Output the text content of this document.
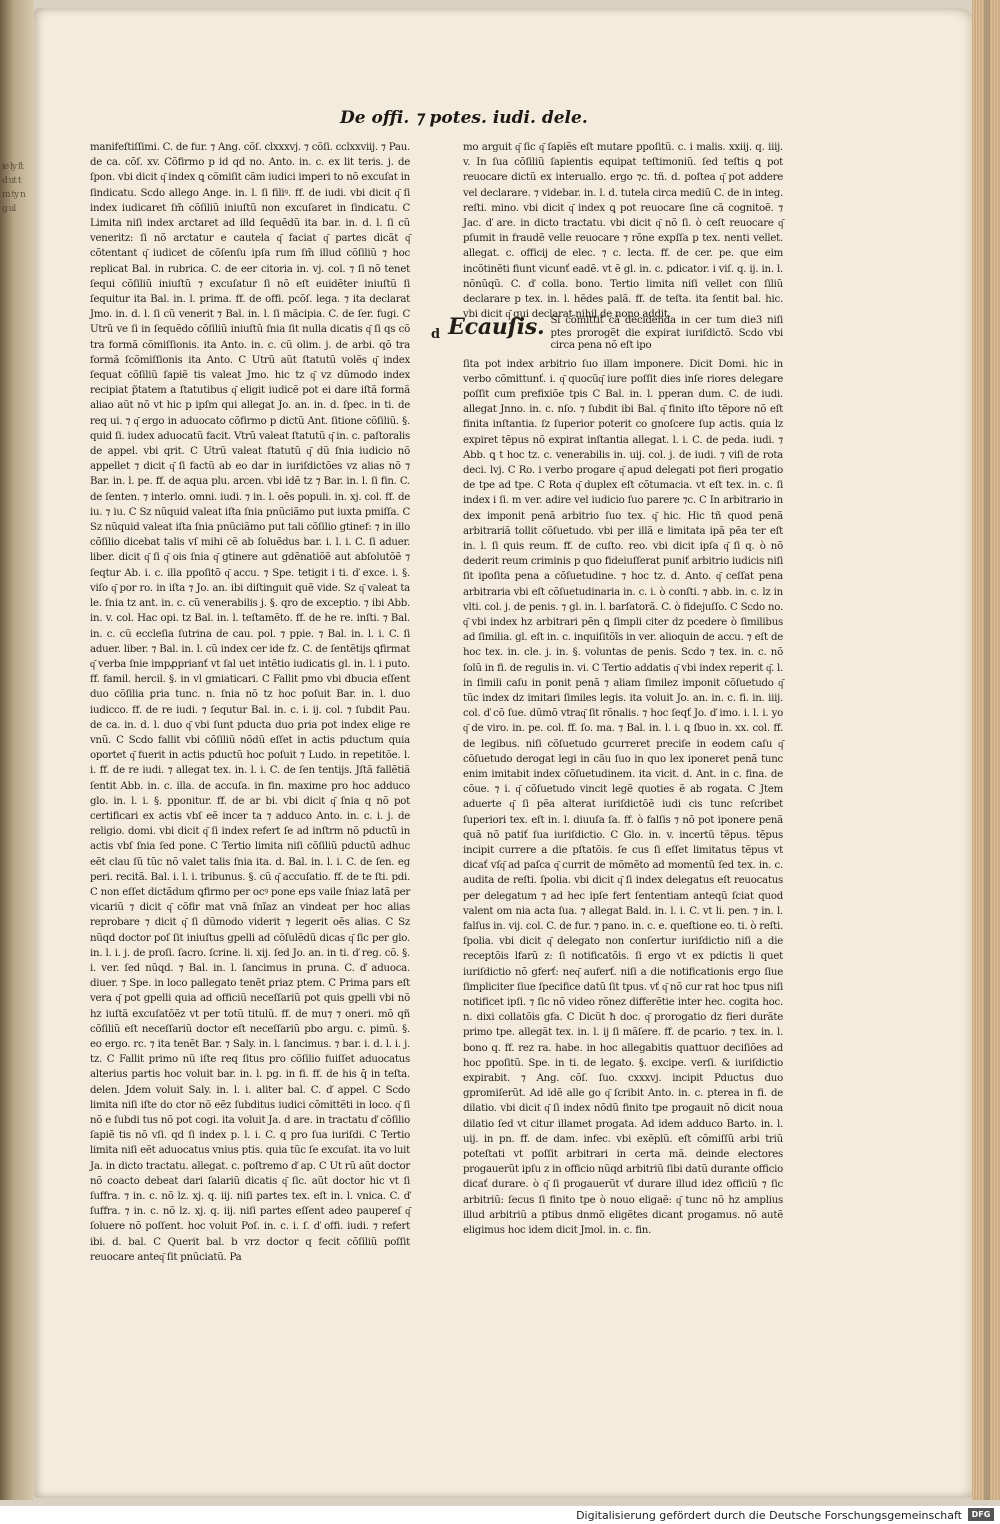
ie ly ſt d ut t m ty n g ul
De offi. ⁊ potes. iudi. dele.
manifeſtiſſimi. C. de fur. ⁊ Ang. cõſ. clxxxvj. ⁊ cõſi. cclxxviij. ⁊ Pau. de ca. cõſ. xv. Cõfirmo p id qd no. Anto. in. c. ex lit teris. j. de ſpon. vbi dicit q͂ index ꝗ cõmiſit cãm iudici imperi to nõ excuſat in ſindicatu. Scdo allego Ange. in. l. ſi filiꝰ. ff. de iudi. vbi dicit q͂ ſi index iudicaret ſm̃ cõſiliũ iniuſtũ non excuſaret in ſindicatu. C Limita niſi index arctaret ad illd ſequẽdũ ita bar. in. d. l. ſi cũ veneritz: ſi nõ arctatur e cautela q͂ faciat q͂ partes dicãt q͂ cõtentant q͂ iudicet de cõſenſu ipſa rum ſm̃ illud cõſiliũ ⁊ hoc replicat Bal. in rubrica. C. de eer citoria in. vj. col. ⁊ ſi nõ tenet ſequi cõſiliũ iniuſtũ ⁊ excuſatur ſi nõ eſt euidẽter iniuſtũ ſi ſequitur ita Bal. in. l. prima. ff. de offi. pcõſ. lega. ⁊ ita declarat Jmo. in. d. l. ſi cũ venerit ⁊ Bal. in. l. ſi mãcipia. C. de ſer. fugi. C Utrũ ve ſi in ſequẽdo cõſiliũ iniuſtũ ſnia ſit nulla dicatis q͂ ſi qs cõ tra formã cõmiſſionis. ita Anto. in. c. cũ olim. j. de arbi. qõ tra formã ſcõmiſſionis ita Anto. C Utrũ aũt ſtatutũ volẽs q͂ index ſequat cõſiliũ ſapiẽ tis valeat Jmo. hic tz q͂ vz dũmodo index recipiat p̃tatem a ſtatutibus q͂ eligit iudicẽ pot ei dare iſtã formã aliao aũt nõ vt hic p ipſm qui allegat Jo. an. in. d. ſpec. in ti. de req ui. ⁊ q͂ ergo in aduocato cõfirmo p dictũ Ant. ſitione cõſiliũ. §. quid ſi. iudex aduocatũ facit. Vtrũ valeat ſtatutũ q͂ in. c. paſtoralis de appel. vbi qrit. C Utrũ valeat ſtatutũ q͂ dũ ſnia iudicio nõ appellet ⁊ dicit q͂ ſi factũ ab eo dar in iuriſdictões vz alias nõ ⁊ Bar. in. l. pe. ff. de aqua plu. arcen. vbi idẽ tz ⁊ Bar. in. l. ſi fin. C. de ſenten. ⁊ interlo. omni. iudi. ⁊ in. l. oẽs populi. in. xj. col. ff. de iu. ⁊ iu. C Sz nũquid valeat iſta ſnia pnũciãmo put iuxta pmiſſa. C Sz nũquid valeat iſta ſnia pnũciãmo put tali cõſilio gtinef: ⁊ in illo cõſilio dicebat talis vſ mihi cẽ ab ſoluẽdus bar. i. l. i. C. ſi aduer. liber. dicit q͂ ſi q͂ ois ſnia q͂ gtinere aut gdẽnatiõẽ aut abſolutõẽ ⁊ ſeqtur Ab. i. c. illa ppoſitõ q͂ accu. ⁊ Spe. tetigit i ti. ď exce. i. §. viſo q͂ por ro. in iſta ⁊ Jo. an. ibi diſtinguit quẽ vide. Sz q͂ valeat ta le. ſnia tz ant. in. c. cũ venerabilis j. §. qro de exceptio. ⁊ ibi Abb. in. v. col. Hac opi. tz Bal. in. l. teſtamẽto. ff. de he re. inſti. ⁊ Bal. in. c. cũ eccleſia ſutrina de cau. pol. ⁊ ppie. ⁊ Bal. in. l. i. C. ſi aduer. liber. ⁊ Bal. in. l. cũ index cer ide fz. C. de ſentẽtijs ꝗfirmat q͂ verba ſnie impꝓprianť vt ſal uet intẽtio iudicatis gl. in. l. i puto. ff. famil. hercil. §. in vl gmiaticari. C Fallit pmo vbi dbucia eſſent duo cõſilia ꝑria tunc. n. ſnia nõ tz hoc poſuit Bar. in. l. duo iudicco. ff. de re iudi. ⁊ ſequtur Bal. in. c. i. ij. col. ⁊ ſubdit Pau. de ca. in. d. l. duo q͂ vbi ſunt pducta duo ꝑria pot index elige re vnũ. C Scdo fallit vbi cõſiliũ nõdũ eſſet in actis pductum quia oportet q͂ fuerit in actis pductũ hoc poſuit ⁊ Ludo. in repetitõe. l. i. ff. de re iudi. ⁊ allegat tex. in. l. i. C. de ſen tentijs. Jſtã fallẽtiã ſentit Abb. in. c. illa. de accuſa. in fin. maxime pro hoc adduco glo. in. l. i. §. pponitur. ff. de ar bi. vbi dicit q͂ ſnia q nõ pot certificari ex actis vbſ eẽ incer ta ⁊ adduco Anto. in. c. i. j. de religio. domi. vbi dicit q͂ ſi index refert ſe ad inſtrm nõ pductũ in actis vbſ ſnia ſed pone. C Tertio limita niſi cõſiliũ pductũ adhuc eẽt clau ſũ tũc nõ valet talis ſnia ita. d. Bal. in. l. i. C. de ſen. eg peri. recitã. Bal. i. l. i. tribunus. §. cũ q͂ accuſatio. ff. de te ſti. pdi. C non eſſet dictãdum ꝗfirmo per ocꝰ pone eps vaile ſniaz latã per vicariũ ⁊ dicit q͂ cõfir mat vnã ſnĩaz an vindeat per hoc alias reprobare ⁊ dicit q͂ ſi dũmodo viderit ⁊ legerit oẽs alias. C Sz nũqd doctor poſ ſit iniuſtus gpelli ad cõſulẽdũ dicas q͂ ſic per glo. in. l. i. j. de proſi. ſacro. ſcrine. li. xij. ſed Jo. an. in ti. ď reg. cõ. §. i. ver. ſed nũqd. ⁊ Bal. in. l. ſancimus in pruna. C. ď aduoca. diuer. ⁊ Spe. in loco pallegato tenẽt ꝑriaz ptem. C Prima pars eſt vera q͂ pot gpelli quia ad officiũ neceſſariũ pot quis gpelli vbi nõ hz iuſtã excuſatõẽz vt per totũ titulũ. ff. de mu⁊ ⁊ oneri. mõ qñ cõſiliũ eſt neceſſariũ doctor eſt neceſſariũ pbo argu. c. pimũ. §. eo ergo. rc. ⁊ ita tenẽt Bar. ⁊ Saly. in. l. ſancimus. ⁊ bar. i. d. l. i. j. tz. C Fallit primo nũ iſte req ſitus pro cõſilio fuiſſet aduocatus alterius partis hoc voluit bar. in. l. pg. in fi. ff. de his q̄ in teſta. delen. Jdem voluit Saly. in. l. i. aliter bal. C. ď appel. C Scdo limita niſi iſte do ctor nõ eẽz ſubditus iudici cõmittẽti in loco. q͂ ſi nõ e ſubdi tus nõ pot cogi. ita voluit Ja. d are. in tractatu ď cõſilio ſapiẽ tis nõ vſi. qd ſi index p. l. i. C. q pro ſua iuriſdi. C Tertio limita niſi eẽt aduocatus vnius ptis. quia tũc ſe excuſat. ita vo luit Ja. in dicto tractatu. allegat. c. poſtremo ď ap. C Ut rũ aũt doctor nõ coacto debeat dari ſalariũ dicatis q͂ ſic. aũt doctor hic vt ſi ſuffra. ⁊ in. c. nõ lz. xj. q. iij. niſi partes tex. eſt in. l. vnica. C. ď ſuffra. ⁊ in. c. nõ lz. xj. q. iij. niſi partes eſſent adeo paupereſ q͂ ſoluere nõ poſſent. hoc voluit Poſ. in. c. i. ſ. ď offi. iudi. ⁊ refert ibi. d. bal. C Querit bal. b vrz doctor q fecit cõſiliũ poſſit reuocare anteq͂ ſit pnũciatũ. Pa
mo arguit q͂ ſic q͂ ſapiẽs eſt mutare ppoſitũ. c. i malis. xxiij. q. iiij. v. In ſua cõſiliũ ſapientis equipat teſtimoniũ. ſed teſtis ꝗ pot reuocare dictũ ex interuallo. ergo ⁊c. tñ. d. poſtea q͂ pot addere vel declarare. ⁊ videbar. in. l. d. tutela circa mediũ C. de in integ. reſti. mino. vbi dicit q͂ index ꝗ pot reuocare ſine cã cognitoẽ. ⁊ Jac. ď are. in dicto tractatu. vbi dicit q͂ nõ ſi. ò ceſt reuocare q͂ pſumit in fraudẽ velle reuocare ⁊ rõne expſſa p tex. nenti vellet. allegat. c. officij de elec. ⁊ c. lecta. ff. de cer. pe. que eim incõtinẽti fiunt vicunť eadẽ. vt ẽ gl. in. c. pdicator. i viſ. q. ij. in. l. nõnũqũ. C. ď colla. bono. Tertio limita niſi vellet con ſiliũ declarare p tex. in. l. hẽdes palã. ff. de teſta. ita ſentit bal. hic. vbi dicit q͂ qui declarat nihil de nono addit.
d Ecauſis. Si cõmittiť cã decidenda in cer tum die3 niſi ptes prorogẽt die expirat iuriſdictõ. Scdo vbi circa pena nõ eſt ipo
ſita pot index arbitrio ſuo illam imponere. Dicit Domi. hic in verbo cõmittunť. i. q͂ quocũq͂ iure poſſit dies inſe riores delegare poſſit cum prefixiõe tpis C Bal. in. l. pperan dum. C. de iudi. allegat Jnno. in. c. nſo. ⁊ ſubdit ibi Bal. q͂ finito iſto tẽpore nõ eſt finita inſtantia. ſz ſuperior poterit co gnoſcere ſup actis. quia lz expiret tẽpus nõ expirat inſtantia allegat. l. i. C. de peda. iudi. ⁊ Abb. ꝗ t hoc tz. c. venerabilis in. uij. col. j. de iudi. ⁊ viſi de rota deci. lvj. C Ro. i verbo progare q͂ apud delegati pot fieri progatio de tpe ad tpe. C Rota q͂ duplex eſt cõtumacia. vt eſt tex. in. c. ſi index i ſi. m ver. adire vel iudicio ſuo parere ⁊c. C In arbitrario in dex imponit penã arbitrio ſuo tex. q͂ hic. Hic tñ quod penã arbitrariã tollit cõſuetudo. vbi per illã e limitata ipã pẽa ter eſt in. l. ſi quis reum. ff. de cuſto. reo. vbi dicit ipſa q͂ ſi q. ò nõ dederit reum criminis p quo fideiuſſerat puniť arbitrio iudicis niſi ſit ipoſita pena a cõſuetudine. ⁊ hoc tz. d. Anto. q͂ ceſſat pena arbitraria vbi eſt cõſuetudinaria in. c. i. ò conſti. ⁊ abb. in. c. lz in vlti. col. j. de penis. ⁊ gl. in. l. barſatorã. C. ò fidejuſſo. C Scdo no. q͂ vbi index hz arbitrari pẽn ꝗ ſimpli citer dz pcedere ò ſimilibus ad ſimilia. gl. eſt in. c. inquiſitõĩs in ver. alioquin de accu. ⁊ eſt de hoc tex. in. cle. j. in. §. voluntas de penis. Scdo ⁊ tex. in. c. nõ ſolũ in fi. de regulis in. vi. C Tertio addatis q͂ vbi index reperit q͂. l. in ſimili caſu in ponit penã ⁊ aliam ſimilez imponit cõſuetudo q͂ tũc index dz imitari ſimiles legis. ita voluit Jo. an. in. c. fi. in. iiij. col. ď cõ ſue. dũmõ vtraq͂ ſit rõnalis. ⁊ hoc ſeqť Jo. ď imo. i. l. i. yo q͂ de viro. in. pe. col. ff. ſo. ma. ⁊ Bal. in. l. i. ꝗ ſbuo in. xx. col. ff. de legibus. niſi cõſuetudo gcurreret preciſe in eodem caſu q͂ cõſuetudo derogat legi in cãu ſuo in quo lex iponeret penã tunc enim imitabit index cõſuetudinem. ita vicit. d. Ant. in c. fina. de cõue. ⁊ i. q͂ cõſuetudo vincit legẽ quoties ẽ ab rogata. C Jtem aduerte q͂ ſi pẽa alterat iuriſdictõẽ iudi cis tunc reſcribet ſuperiori tex. eſt in. l. diuuſa ſa. ff. ò falſis ⁊ nõ pot iponere penã quã nõ patiť ſua iuriſdictio. C Glo. in. v. incertũ tẽpus. tẽpus incipit currere a die pſtatõis. ſe cus ſi eſſet limitatus tẽpus vt dicať vſq͂ ad paſca q͂ currit de mõmẽto ad momentũ ſed tex. in. c. audita de reſti. ſpolia. vbi dicit q͂ ſi index delegatus eſt reuocatus per delegatum ⁊ ad hec ipſe fert ſententiam anteqũ ſciat quod valent om nia acta ſua. ⁊ allegat Bald. in. l. i. C. vt li. pen. ⁊ in. l. falſus in. vij. col. C. de fur. ⁊ pano. in. c. e. queſtione eo. ti. ò reſti. ſpolia. vbi dicit q͂ delegato non conſertur iuriſdictio niſi a die receptõis lfarũ z: ſi notificatõis. ſi ergo vt ex pdictis li quet iuriſdictio nõ gferť: neq͂ auferť. niſi a die notificationis ergo ſiue ſimpliciter ſiue ſpecifice datũ ſit tpus. vť q͂ nõ cur rat hoc tpus niſi notificet ipſi. ⁊ ſic nõ video rõnez differẽtie inter hec. cogita hoc. n. dixi collatõis gfa. C Dicũt ħ doc. q͂ prorogatio dz fieri durãte primo tpe. allegãt tex. in. l. ij ſi mãſere. ff. de pcario. ⁊ tex. in. l. bono q. ff. rez ra. habe. in hoc allegabitis quattuor deciſiões ad hoc ppoſitũ. Spe. in ti. de legato. §. excipe. verſi. & iuriſdictio expirabit. ⁊ Ang. cõſ. ſuo. cxxxvj. incipit Pductus duo gpromiſerũt. Ad idẽ alle go q͂ ſcribit Anto. in. c. pterea in fi. de dilatio. vbi dicit q͂ ſi index nõdũ finito tpe progauit nõ dicit noua dilatio ſed vt citur illamet progata. Ad idem adduco Barto. in. l. uij. in pn. ff. de dam. infec. vbi exẽplũ. eſt cõmiſſũ arbi triũ poteſtati vt poſſit arbitrari in certa mã. deinde electores progauerũt ipſu z in officio nũqd arbitriũ ſibi datũ durante officio dicať durare. ò q͂ ſi progauerũt vť durare illud idez officiũ ⁊ ſic arbitriũ: ſecus ſi finito tpe ò nouo eligaẽ: q͂ tunc nõ hz amplius illud arbitriũ a ptibus dnmõ eligẽtes dicant progamus. nõ autẽ eligimus hoc idem dicit Jmol. in. c. fin.
Digitalisierung gefördert durch die Deutsche Forschungsgemeinschaft	DFG
